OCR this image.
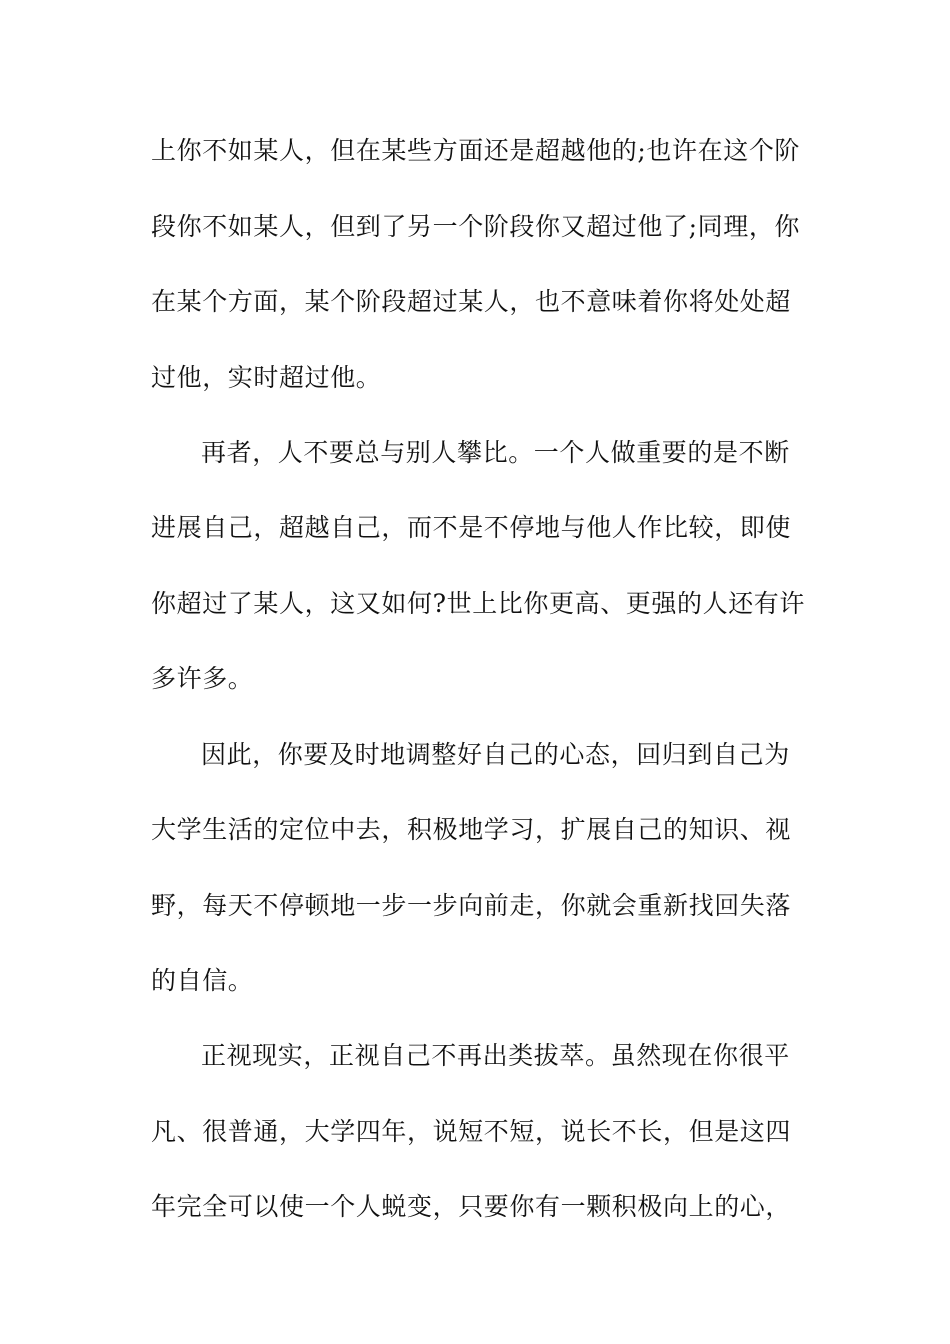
上你不如某人，但在某些方面还是超越他的;也许在这个阶
段你不如某人，但到了另一个阶段你又超过他了;同理，你
在某个方面，某个阶段超过某人，也不意味着你将处处超
过他，实时超过他。
再者，人不要总与别人攀比。一个人做重要的是不断
进展自己，超越自己，而不是不停地与他人作比较，即使
你超过了某人，这又如何?世上比你更高、更强的人还有许
多许多。
因此，你要及时地调整好自己的心态，回归到自己为
大学生活的定位中去，积极地学习，扩展自己的知识、视
野，每天不停顿地一步一步向前走，你就会重新找回失落
的自信。
正视现实，正视自己不再出类拔萃。虽然现在你很平
凡、很普通，大学四年，说短不短，说长不长，但是这四
年完全可以使一个人蜕变，只要你有一颗积极向上的心，
